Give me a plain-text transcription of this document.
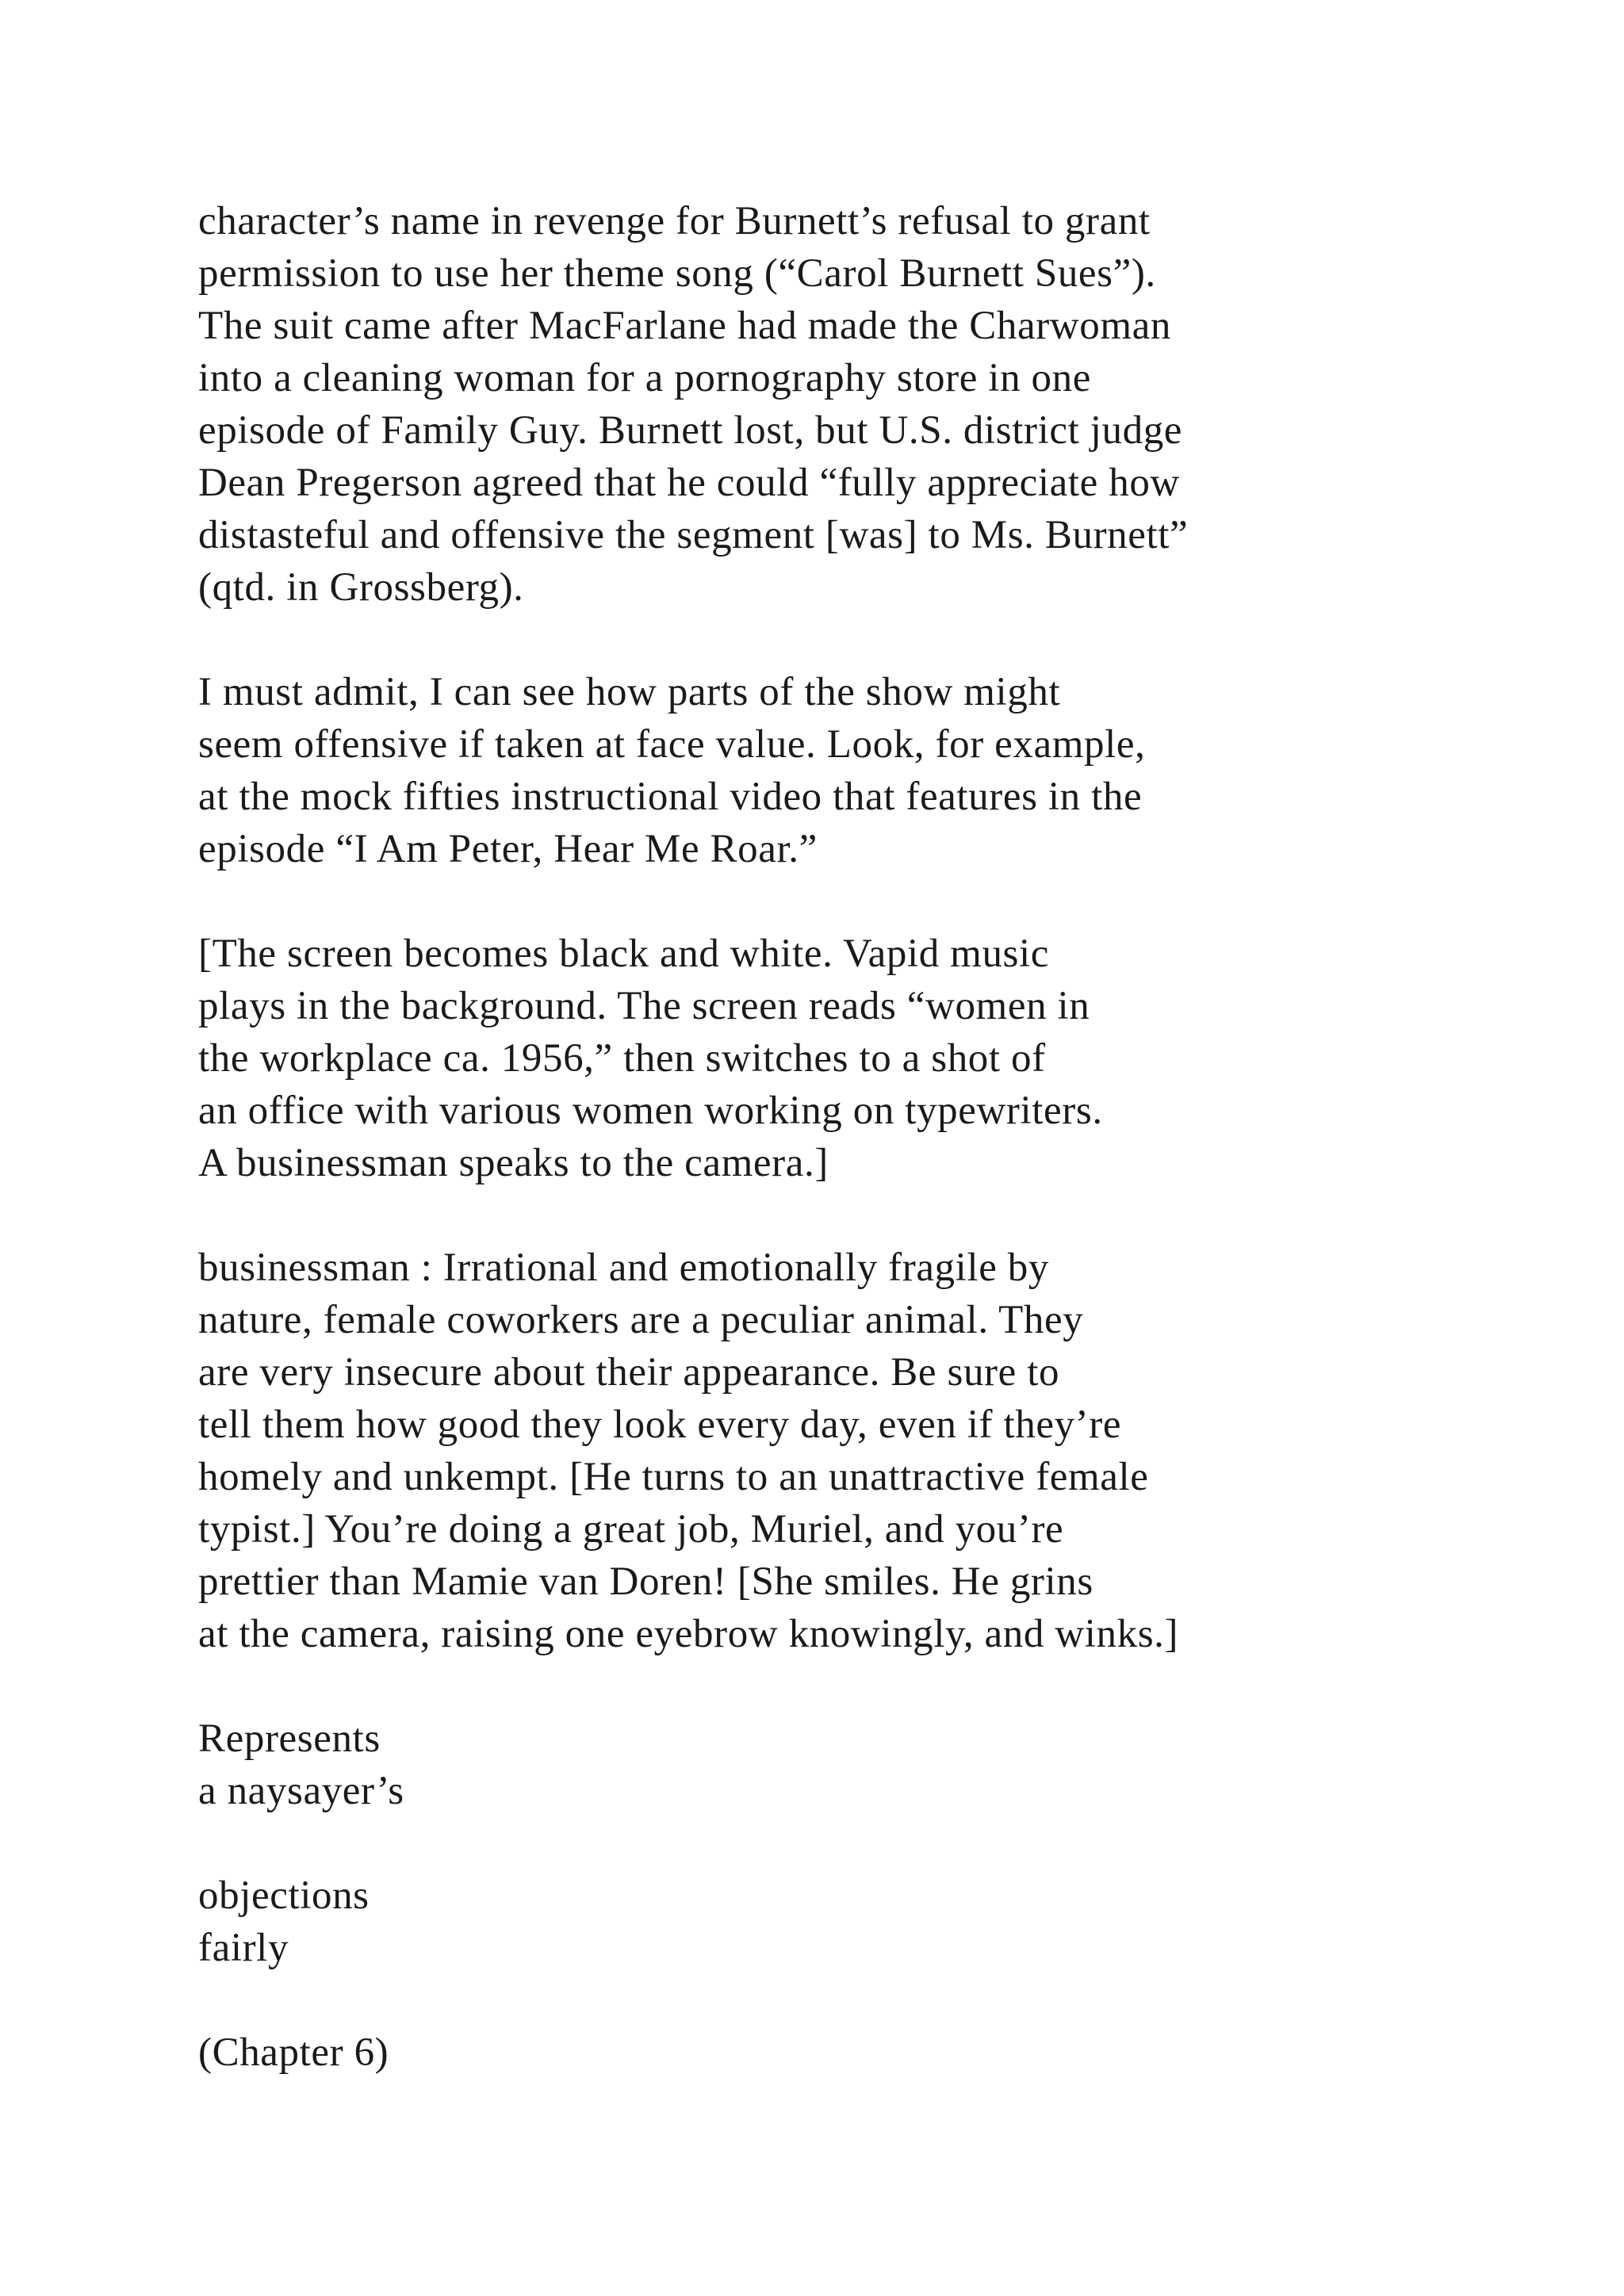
character’s name in revenge for Burnett’s refusal to grant
permission to use her theme song (“Carol Burnett Sues”).
The suit came after MacFarlane had made the Charwoman
into a cleaning woman for a pornography store in one
episode of Family Guy. Burnett lost, but U.S. district judge
Dean Pregerson agreed that he could “fully appreciate how
distasteful and offensive the segment [was] to Ms. Burnett”
(qtd. in Grossberg).

I must admit, I can see how parts of the show might
seem offensive if taken at face value. Look, for example,
at the mock fifties instructional video that features in the
episode “I Am Peter, Hear Me Roar.”

[The screen becomes black and white. Vapid music
plays in the background. The screen reads “women in
the workplace ca. 1956,” then switches to a shot of
an office with various women working on typewriters.
A businessman speaks to the camera.]

businessman : Irrational and emotionally fragile by
nature, female coworkers are a peculiar animal. They
are very insecure about their appearance. Be sure to
tell them how good they look every day, even if they’re
homely and unkempt. [He turns to an unattractive female
typist.] You’re doing a great job, Muriel, and you’re
prettier than Mamie van Doren! [She smiles. He grins
at the camera, raising one eyebrow knowingly, and winks.]

Represents
a naysayer’s

objections
fairly

(Chapter 6)
